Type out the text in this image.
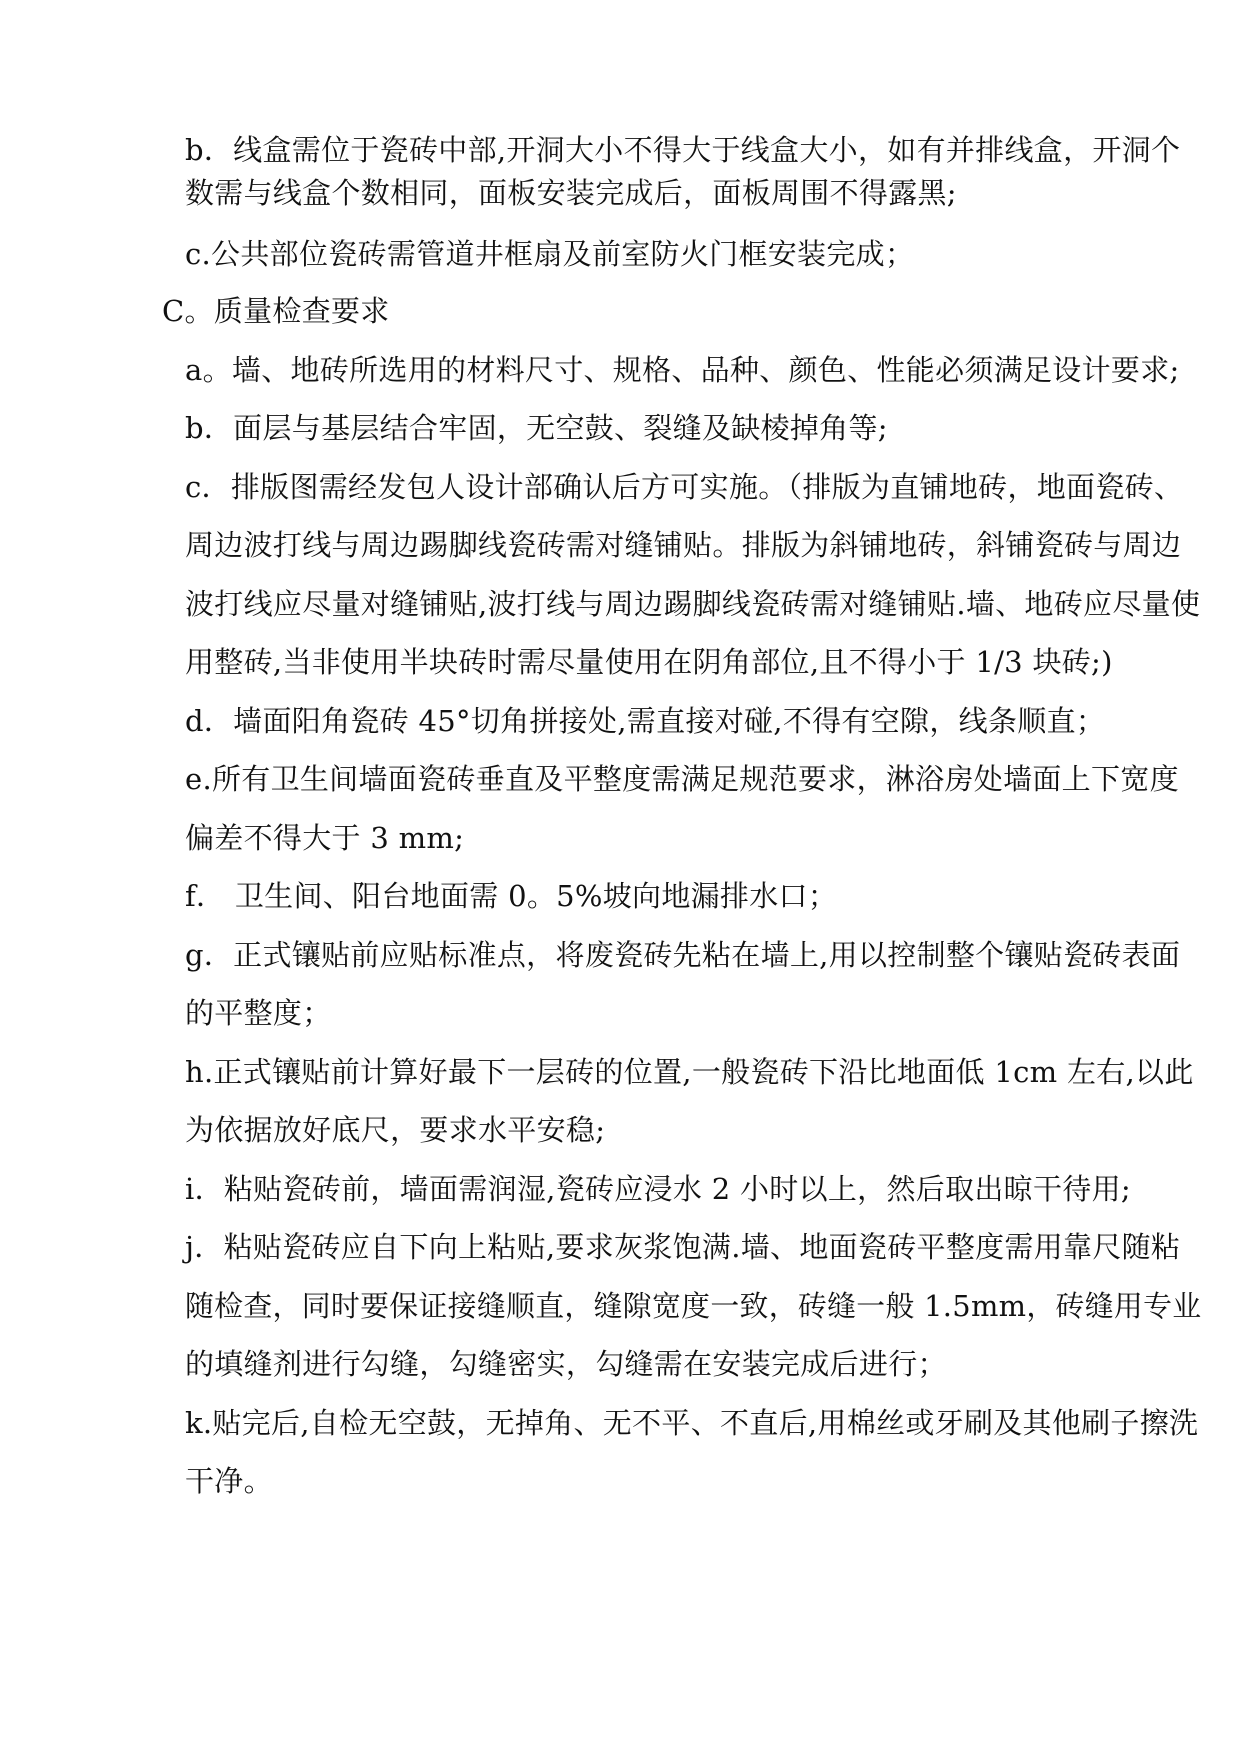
b．线盒需位于瓷砖中部,开洞大小不得大于线盒大小，如有并排线盒，开洞个
数需与线盒个数相同，面板安装完成后，面板周围不得露黑;
c.公共部位瓷砖需管道井框扇及前室防火门框安装完成；
C。质量检查要求
a。墙、地砖所选用的材料尺寸、规格、品种、颜色、性能必须满足设计要求;
b．面层与基层结合牢固，无空鼓、裂缝及缺棱掉角等;
c．排版图需经发包人设计部确认后方可实施。（排版为直铺地砖，地面瓷砖、
周边波打线与周边踢脚线瓷砖需对缝铺贴。排版为斜铺地砖，斜铺瓷砖与周边
波打线应尽量对缝铺贴,波打线与周边踢脚线瓷砖需对缝铺贴.墙、地砖应尽量使
用整砖,当非使用半块砖时需尽量使用在阴角部位,且不得小于 1/3 块砖;)
d．墙面阳角瓷砖 45°切角拼接处,需直接对碰,不得有空隙，线条顺直；
e.所有卫生间墙面瓷砖垂直及平整度需满足规范要求，淋浴房处墙面上下宽度
偏差不得大于 3 mm;
f． 卫生间、阳台地面需 0。5%坡向地漏排水口；
g．正式镶贴前应贴标准点，将废瓷砖先粘在墙上,用以控制整个镶贴瓷砖表面
的平整度；
h.正式镶贴前计算好最下一层砖的位置,一般瓷砖下沿比地面低 1cm 左右,以此
为依据放好底尺，要求水平安稳;
i．粘贴瓷砖前，墙面需润湿,瓷砖应浸水 2 小时以上，然后取出晾干待用;
j．粘贴瓷砖应自下向上粘贴,要求灰浆饱满.墙、地面瓷砖平整度需用靠尺随粘
随检查，同时要保证接缝顺直，缝隙宽度一致，砖缝一般 1.5mm，砖缝用专业
的填缝剂进行勾缝，勾缝密实，勾缝需在安装完成后进行；
k.贴完后,自检无空鼓，无掉角、无不平、不直后,用棉丝或牙刷及其他刷子擦洗
干净。
